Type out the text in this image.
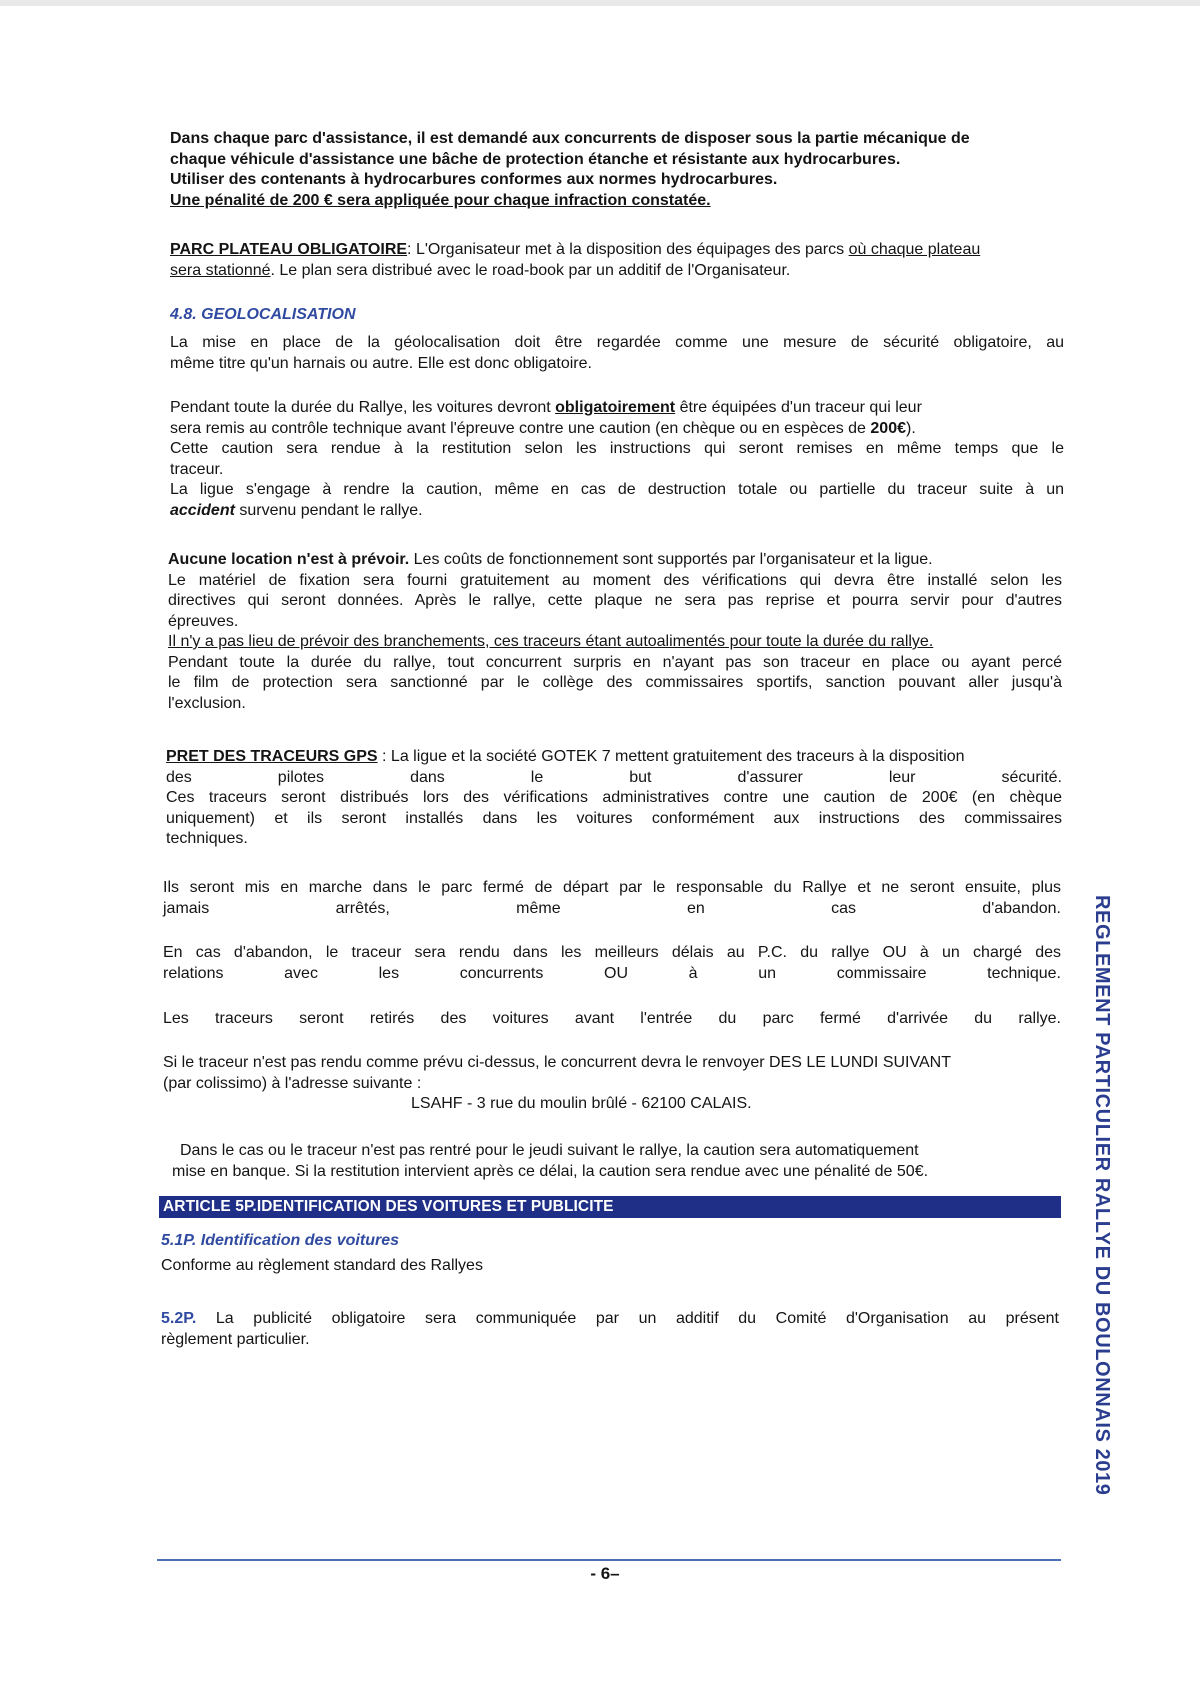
Dans chaque parc d'assistance, il est demandé aux concurrents de disposer sous la partie mécanique de
chaque véhicule d'assistance une bâche de protection étanche et résistante aux hydrocarbures.
Utiliser des contenants à hydrocarbures conformes aux normes hydrocarbures.
Une pénalité de 200 € sera appliquée pour chaque infraction constatée.
PARC PLATEAU OBLIGATOIRE: L'Organisateur met à la disposition des équipages des parcs où chaque plateau
sera stationné. Le plan sera distribué avec le road-book par un additif de l'Organisateur.
4.8. GEOLOCALISATION
La mise en place de la géolocalisation doit être regardée comme une mesure de sécurité obligatoire, au
même titre qu'un harnais ou autre. Elle est donc obligatoire.
Pendant toute la durée du Rallye, les voitures devront obligatoirement être équipées d'un traceur qui leur
sera remis au contrôle technique avant l'épreuve contre une caution (en chèque ou en espèces de 200€).
Cette caution sera rendue à la restitution selon les instructions qui seront remises en même temps que le
traceur.
La ligue s'engage à rendre la caution, même en cas de destruction totale ou partielle du traceur suite à un
accident survenu pendant le rallye.
Aucune location n'est à prévoir. Les coûts de fonctionnement sont supportés par l'organisateur et la ligue.
Le matériel de fixation sera fourni gratuitement au moment des vérifications qui devra être installé selon les
directives qui seront données. Après le rallye, cette plaque ne sera pas reprise et pourra servir pour d'autres
épreuves.
Il n'y a pas lieu de prévoir des branchements, ces traceurs étant autoalimentés pour toute la durée du rallye.
Pendant toute la durée du rallye, tout concurrent surpris en n'ayant pas son traceur en place ou ayant percé
le film de protection sera sanctionné par le collège des commissaires sportifs, sanction pouvant aller jusqu'à
l'exclusion.
PRET DES TRACEURS GPS : La ligue et la société GOTEK 7 mettent gratuitement des traceurs à la disposition
des pilotes dans le but d'assurer leur sécurité.
Ces traceurs seront distribués lors des vérifications administratives contre une caution de 200€ (en chèque
uniquement) et ils seront installés dans les voitures conformément aux instructions des commissaires
techniques.
Ils seront mis en marche dans le parc fermé de départ par le responsable du Rallye et ne seront ensuite, plus
jamais arrêtés, même en cas d'abandon.
En cas d'abandon, le traceur sera rendu dans les meilleurs délais au P.C. du rallye OU à un chargé des
relations avec les concurrents OU à un commissaire technique.
Les traceurs seront retirés des voitures avant l'entrée du parc fermé d'arrivée du rallye.
Si le traceur n'est pas rendu comme prévu ci-dessus, le concurrent devra le renvoyer DES LE LUNDI SUIVANT
(par colissimo) à l'adresse suivante :
LSAHF - 3 rue du moulin brûlé - 62100 CALAIS.
Dans le cas ou le traceur n'est pas rentré pour le jeudi suivant le rallye, la caution sera automatiquement
mise en banque. Si la restitution intervient après ce délai, la caution sera rendue avec une pénalité de 50€.
ARTICLE 5P.IDENTIFICATION DES VOITURES ET PUBLICITE
5.1P. Identification des voitures
Conforme au règlement standard des Rallyes
5.2P. La publicité obligatoire sera communiquée par un additif du Comité d'Organisation au présent
règlement particulier.
- 6–
REGLEMENT PARTICULIER RALLYE DU BOULONNAIS 2019
